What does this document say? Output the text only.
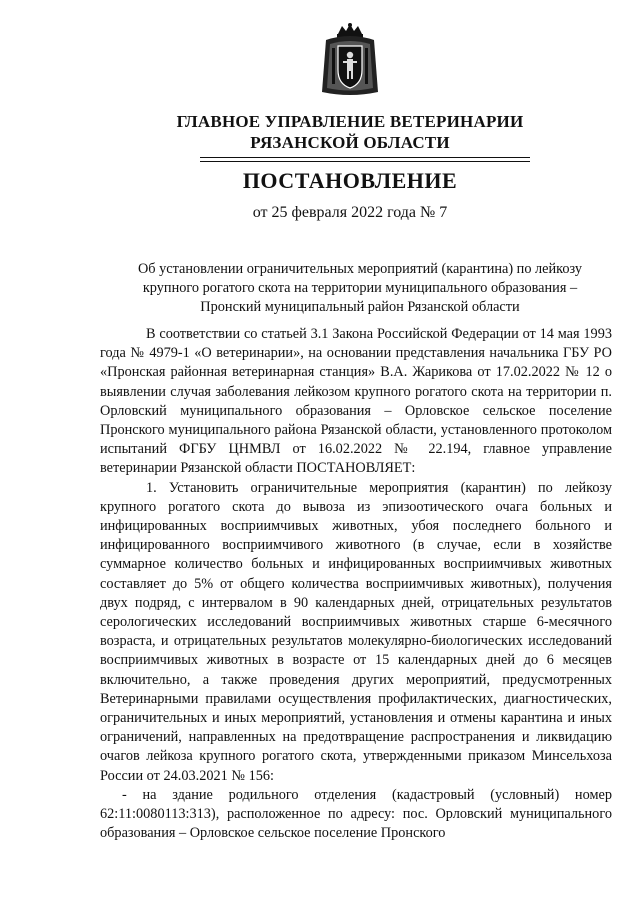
ГЛАВНОЕ УПРАВЛЕНИЕ ВЕТЕРИНАРИИ
РЯЗАНСКОЙ ОБЛАСТИ
ПОСТАНОВЛЕНИЕ
от 25 февраля 2022 года № 7
Об установлении ограничительных мероприятий (карантина) по лейкозу
крупного рогатого скота на территории муниципального образования –
Пронский муниципальный район Рязанской области

В соответствии со статьей 3.1 Закона Российской Федерации от 14 мая 1993 года № 4979-1 «О ветеринарии», на основании представления начальника ГБУ РО «Пронская районная ветеринарная станция» В.А. Жарикова от 17.02.2022 № 12 о выявлении случая заболевания лейкозом крупного рогатого скота на территории п. Орловский муниципального образования – Орловское сельское поселение Пронского муниципального района Рязанской области, установленного протоколом испытаний ФГБУ ЦНМВЛ от 16.02.2022 № 22.194, главное управление ветеринарии Рязанской области ПОСТАНОВЛЯЕТ:

1. Установить ограничительные мероприятия (карантин) по лейкозу крупного рогатого скота до вывоза из эпизоотического очага больных и инфицированных восприимчивых животных, убоя последнего больного и инфицированного восприимчивого животного (в случае, если в хозяйстве суммарное количество больных и инфицированных восприимчивых животных составляет до 5% от общего количества восприимчивых животных), получения двух подряд, с интервалом в 90 календарных дней, отрицательных результатов серологических исследований восприимчивых животных старше 6-месячного возраста, и отрицательных результатов молекулярно-биологических исследований восприимчивых животных в возрасте от 15 календарных дней до 6 месяцев включительно, а также проведения других мероприятий, предусмотренных Ветеринарными правилами осуществления профилактических, диагностических, ограничительных и иных мероприятий, установления и отмены карантина и иных ограничений, направленных на предотвращение распространения и ликвидацию очагов лейкоза крупного рогатого скота, утвержденными приказом Минсельхоза России от 24.03.2021 № 156:

- на здание родильного отделения (кадастровый (условный) номер 62:11:0080113:313), расположенное по адресу: пос. Орловский муниципального образования – Орловское сельское поселение Пронского
